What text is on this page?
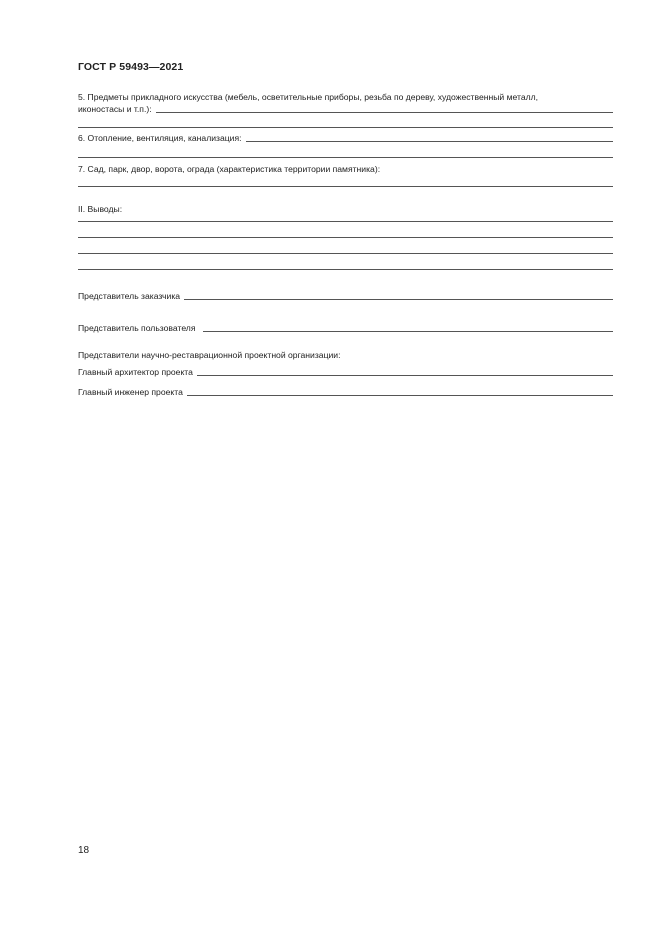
ГОСТ Р 59493—2021

5. Предметы прикладного искусства (мебель, осветительные приборы, резьба по дереву, художественный металл,

иконостасы и т.п.):
6. Отопление, вентиляция, канализация:

7. Сад, парк, двор, ворота, ограда (характеристика территории памятника):

II. Выводы:

Представитель заказчика
Представитель пользователя

Представители научно-реставрационной проектной организации:

Главный архитектор проекта
Главный инженер проекта
18
